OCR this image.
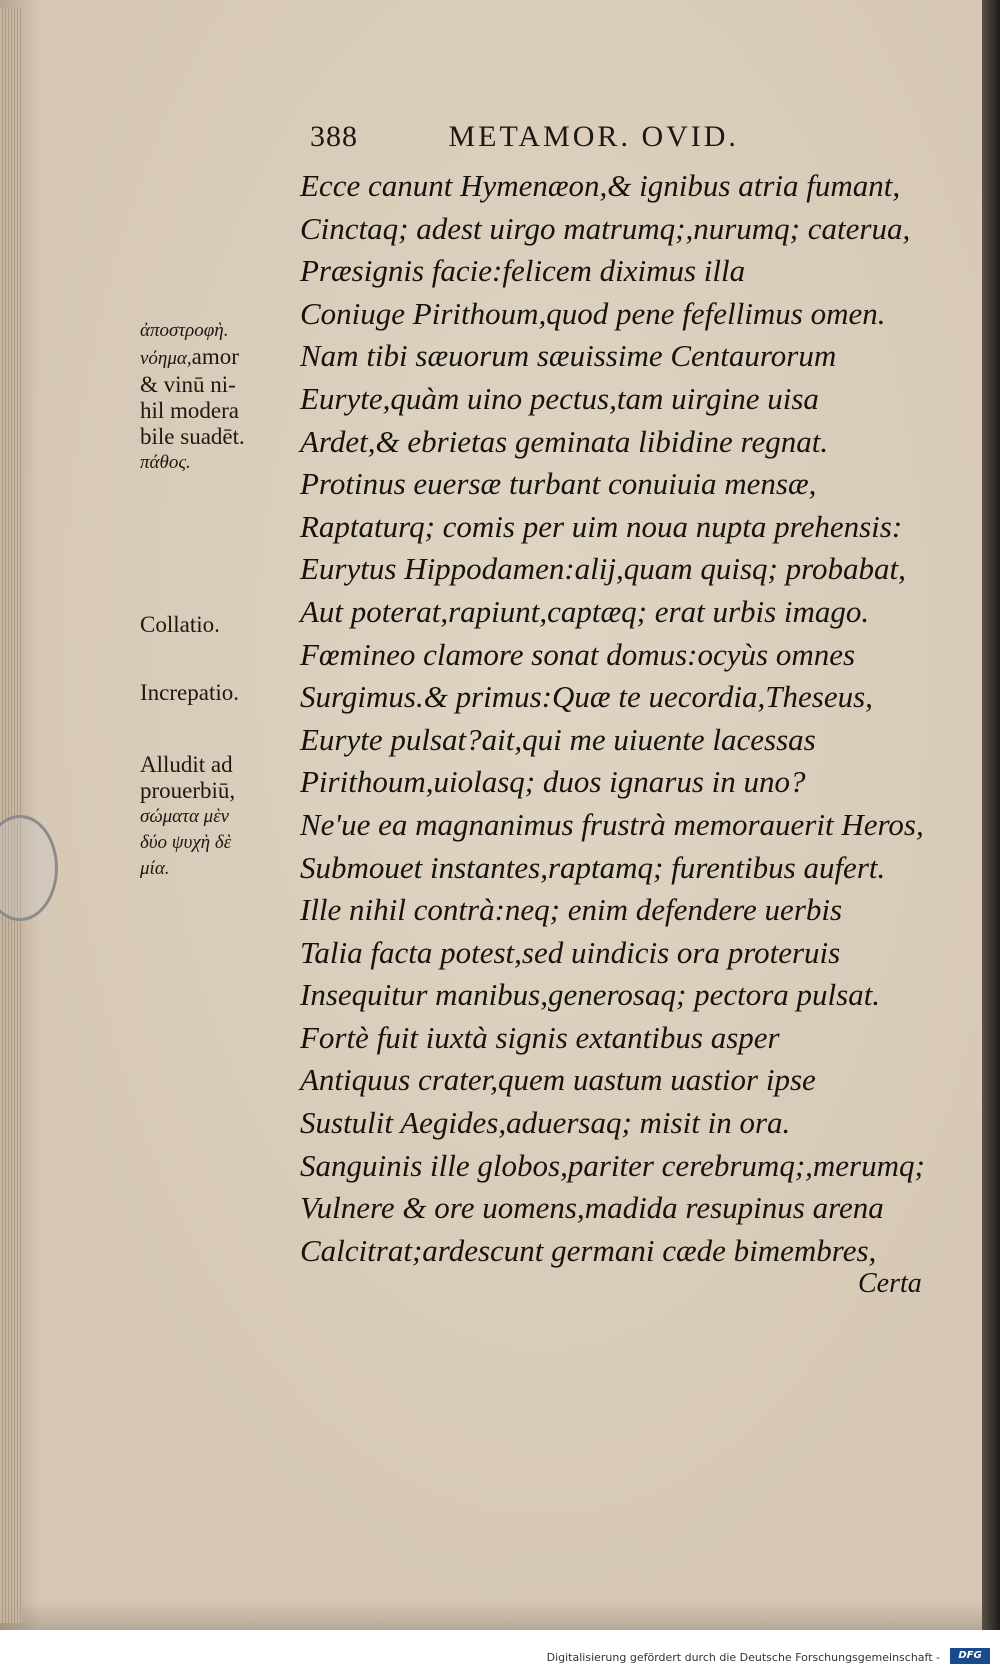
388	METAMOR. OVID.
Ecce canunt Hymenæon,& ignibus atria fumant,
Cinctaq; adest uirgo matrumq;,nurumq; caterua,
Præsignis facie:felicem diximus illa
Coniuge Pirithoum,quod pene fefellimus omen.
Nam tibi sæuorum sæuissime Centaurorum
Euryte,quàm uino pectus,tam uirgine uisa
Ardet,& ebrietas geminata libidine regnat.
Protinus euersæ turbant conuiuia mensæ,
Raptaturq; comis per uim noua nupta prehensis:
Eurytus Hippodamen:alij,quam quisq; probabat,
Aut poterat,rapiunt,captæq; erat urbis imago.
Fœmineo clamore sonat domus:ocyùs omnes
Surgimus.& primus:Quæ te uecordia,Theseus,
Euryte pulsat?ait,qui me uiuente lacessas
Pirithoum,uiolasq; duos ignarus in uno?
Ne'ue ea magnanimus frustrà memorauerit Heros,
Submouet instantes,raptamq; furentibus aufert.
Ille nihil contrà:neq; enim defendere uerbis
Talia facta potest,sed uindicis ora proteruis
Insequitur manibus,generosaq; pectora pulsat.
Fortè fuit iuxtà signis extantibus asper
Antiquus crater,quem uastum uastior ipse
Sustulit Aegides,aduersaq; misit in ora.
Sanguinis ille globos,pariter cerebrumq;,merumq;
Vulnere & ore uomens,madida resupinus arena
Calcitrat;ardescunt germani cæde bimembres,
ἀποστροφὴ.
νόημα,amor
& vinū ni-
hil modera
bile suadēt.
πάθος.
Collatio.
Increpatio.
Alludit ad
prouerbiū,
σώματα μὲν
δύο ψυχὴ δὲ
μία.
Certa
Digitalisierung gefördert durch die Deutsche Forschungsgemeinschaft -	DFG
